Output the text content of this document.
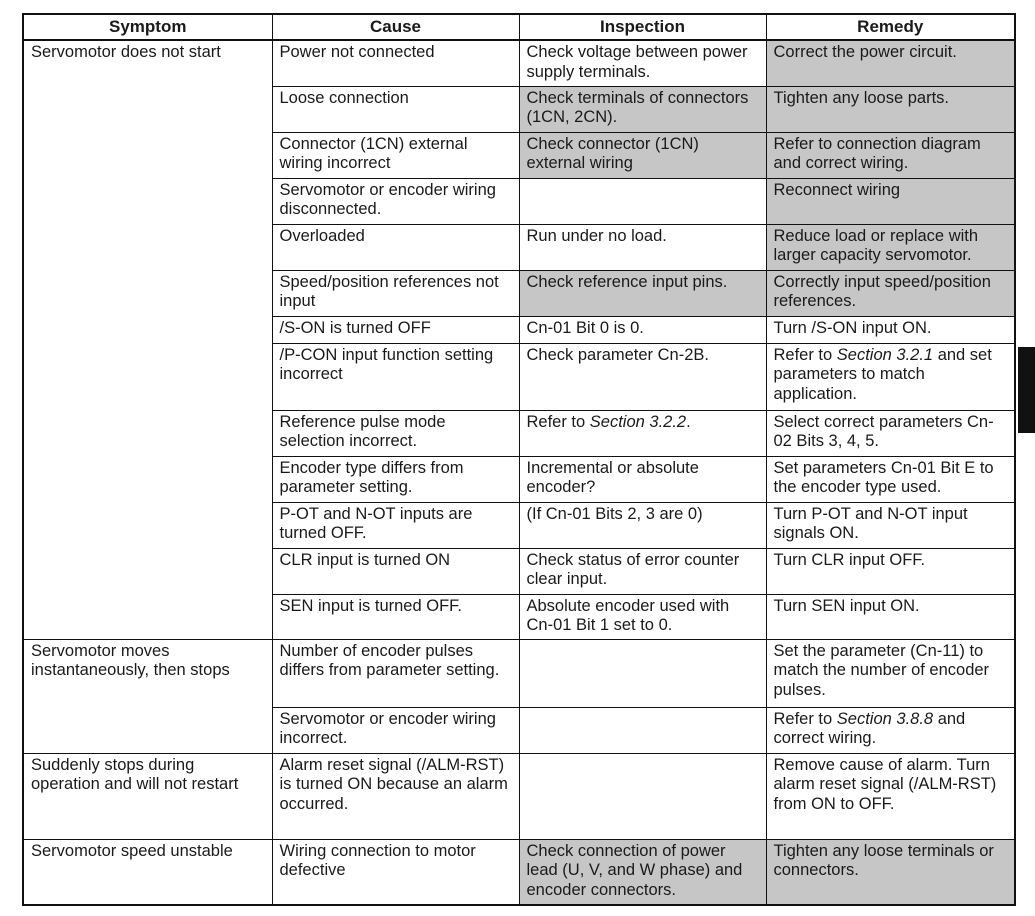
Symptom	Cause	Inspection	Remedy
Servomotor does not start	Power not connected	Check voltage between power supply terminals.	Correct the power circuit.
	Loose connection	Check terminals of connectors (1CN, 2CN).	Tighten any loose parts.
	Connector (1CN) external wiring incorrect	Check connector (1CN) external wiring	Refer to connection diagram and correct wiring.
	Servomotor or encoder wiring disconnected.		Reconnect wiring
	Overloaded	Run under no load.	Reduce load or replace with larger capacity servomotor.
	Speed/position references not input	Check reference input pins.	Correctly input speed/position references.
	/S-ON is turned OFF	Cn-01 Bit 0 is 0.	Turn /S-ON input ON.
	/P-CON input function setting incorrect	Check parameter Cn-2B.	Refer to Section 3.2.1 and set parameters to match application.
	Reference pulse mode selection incorrect.	Refer to Section 3.2.2.	Select correct parameters Cn-02 Bits 3, 4, 5.
	Encoder type differs from parameter setting.	Incremental or absolute encoder?	Set parameters Cn-01 Bit E to the encoder type used.
	P-OT and N-OT inputs are turned OFF.	(If Cn-01 Bits 2, 3 are 0)	Turn P-OT and N-OT input signals ON.
	CLR input is turned ON	Check status of error counter clear input.	Turn CLR input OFF.
	SEN input is turned OFF.	Absolute encoder used with Cn-01 Bit 1 set to 0.	Turn SEN input ON.
Servomotor moves instantaneously, then stops	Number of encoder pulses differs from parameter setting.		Set the parameter (Cn-11) to match the number of encoder pulses.
	Servomotor or encoder wiring incorrect.		Refer to Section 3.8.8 and correct wiring.
Suddenly stops during operation and will not restart	Alarm reset signal (/ALM-RST) is turned ON because an alarm occurred.		Remove cause of alarm. Turn alarm reset signal (/ALM-RST) from ON to OFF.
Servomotor speed unstable	Wiring connection to motor defective	Check connection of power lead (U, V, and W phase) and encoder connectors.	Tighten any loose terminals or connectors.
